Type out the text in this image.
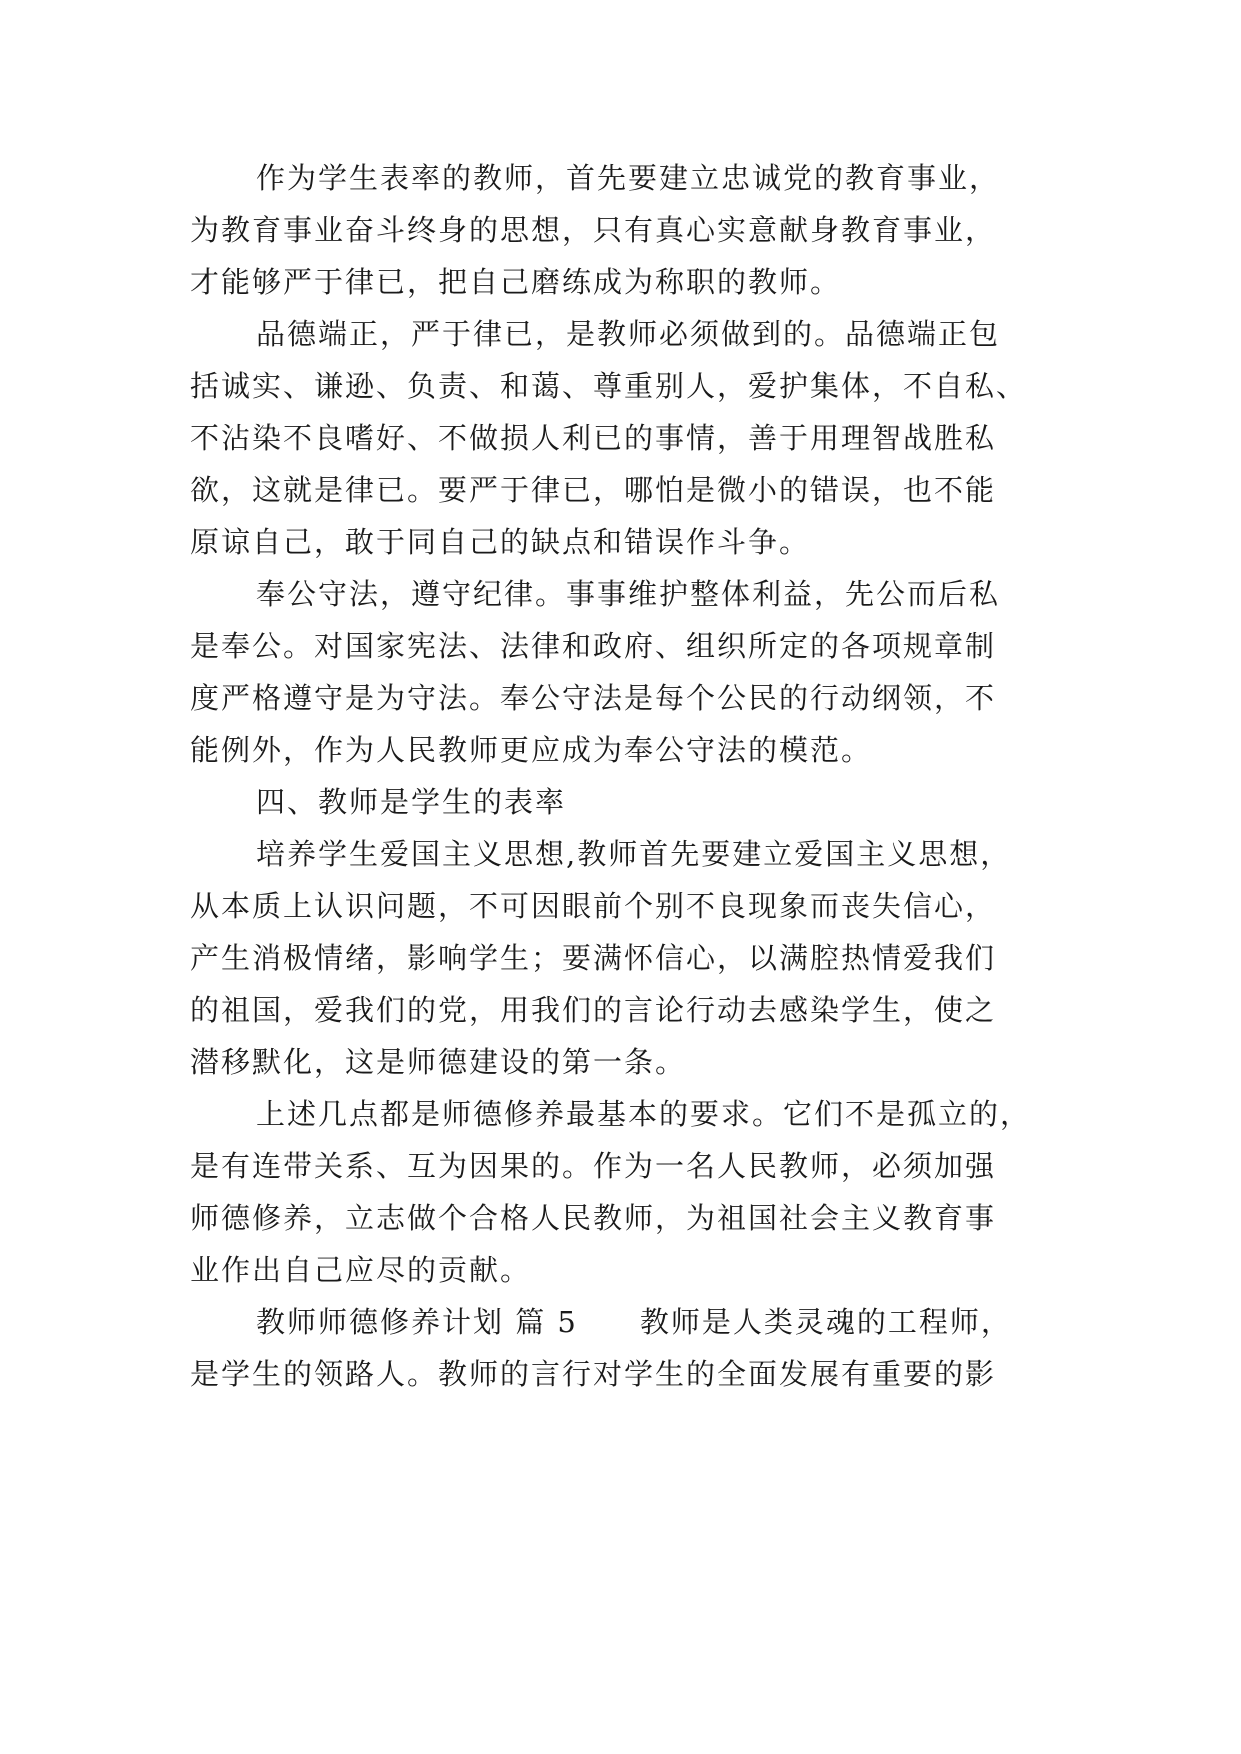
作为学生表率的教师，首先要建立忠诚党的教育事业，
为教育事业奋斗终身的思想，只有真心实意献身教育事业，
才能够严于律已，把自己磨练成为称职的教师。
品德端正，严于律已，是教师必须做到的。品德端正包
括诚实、谦逊、负责、和蔼、尊重别人，爱护集体，不自私、
不沾染不良嗜好、不做损人利已的事情，善于用理智战胜私
欲，这就是律已。要严于律已，哪怕是微小的错误，也不能
原谅自己，敢于同自己的缺点和错误作斗争。
奉公守法，遵守纪律。事事维护整体利益，先公而后私
是奉公。对国家宪法、法律和政府、组织所定的各项规章制
度严格遵守是为守法。奉公守法是每个公民的行动纲领，不
能例外，作为人民教师更应成为奉公守法的模范。
四、教师是学生的表率
培养学生爱国主义思想,教师首先要建立爱国主义思想，
从本质上认识问题，不可因眼前个别不良现象而丧失信心，
产生消极情绪，影响学生；要满怀信心，以满腔热情爱我们
的祖国，爱我们的党，用我们的言论行动去感染学生，使之
潜移默化，这是师德建设的第一条。
上述几点都是师德修养最基本的要求。它们不是孤立的，
是有连带关系、互为因果的。作为一名人民教师，必须加强
师德修养，立志做个合格人民教师，为祖国社会主义教育事
业作出自己应尽的贡献。
教师师德修养计划 篇 5 教师是人类灵魂的工程师，
是学生的领路人。教师的言行对学生的全面发展有重要的影
